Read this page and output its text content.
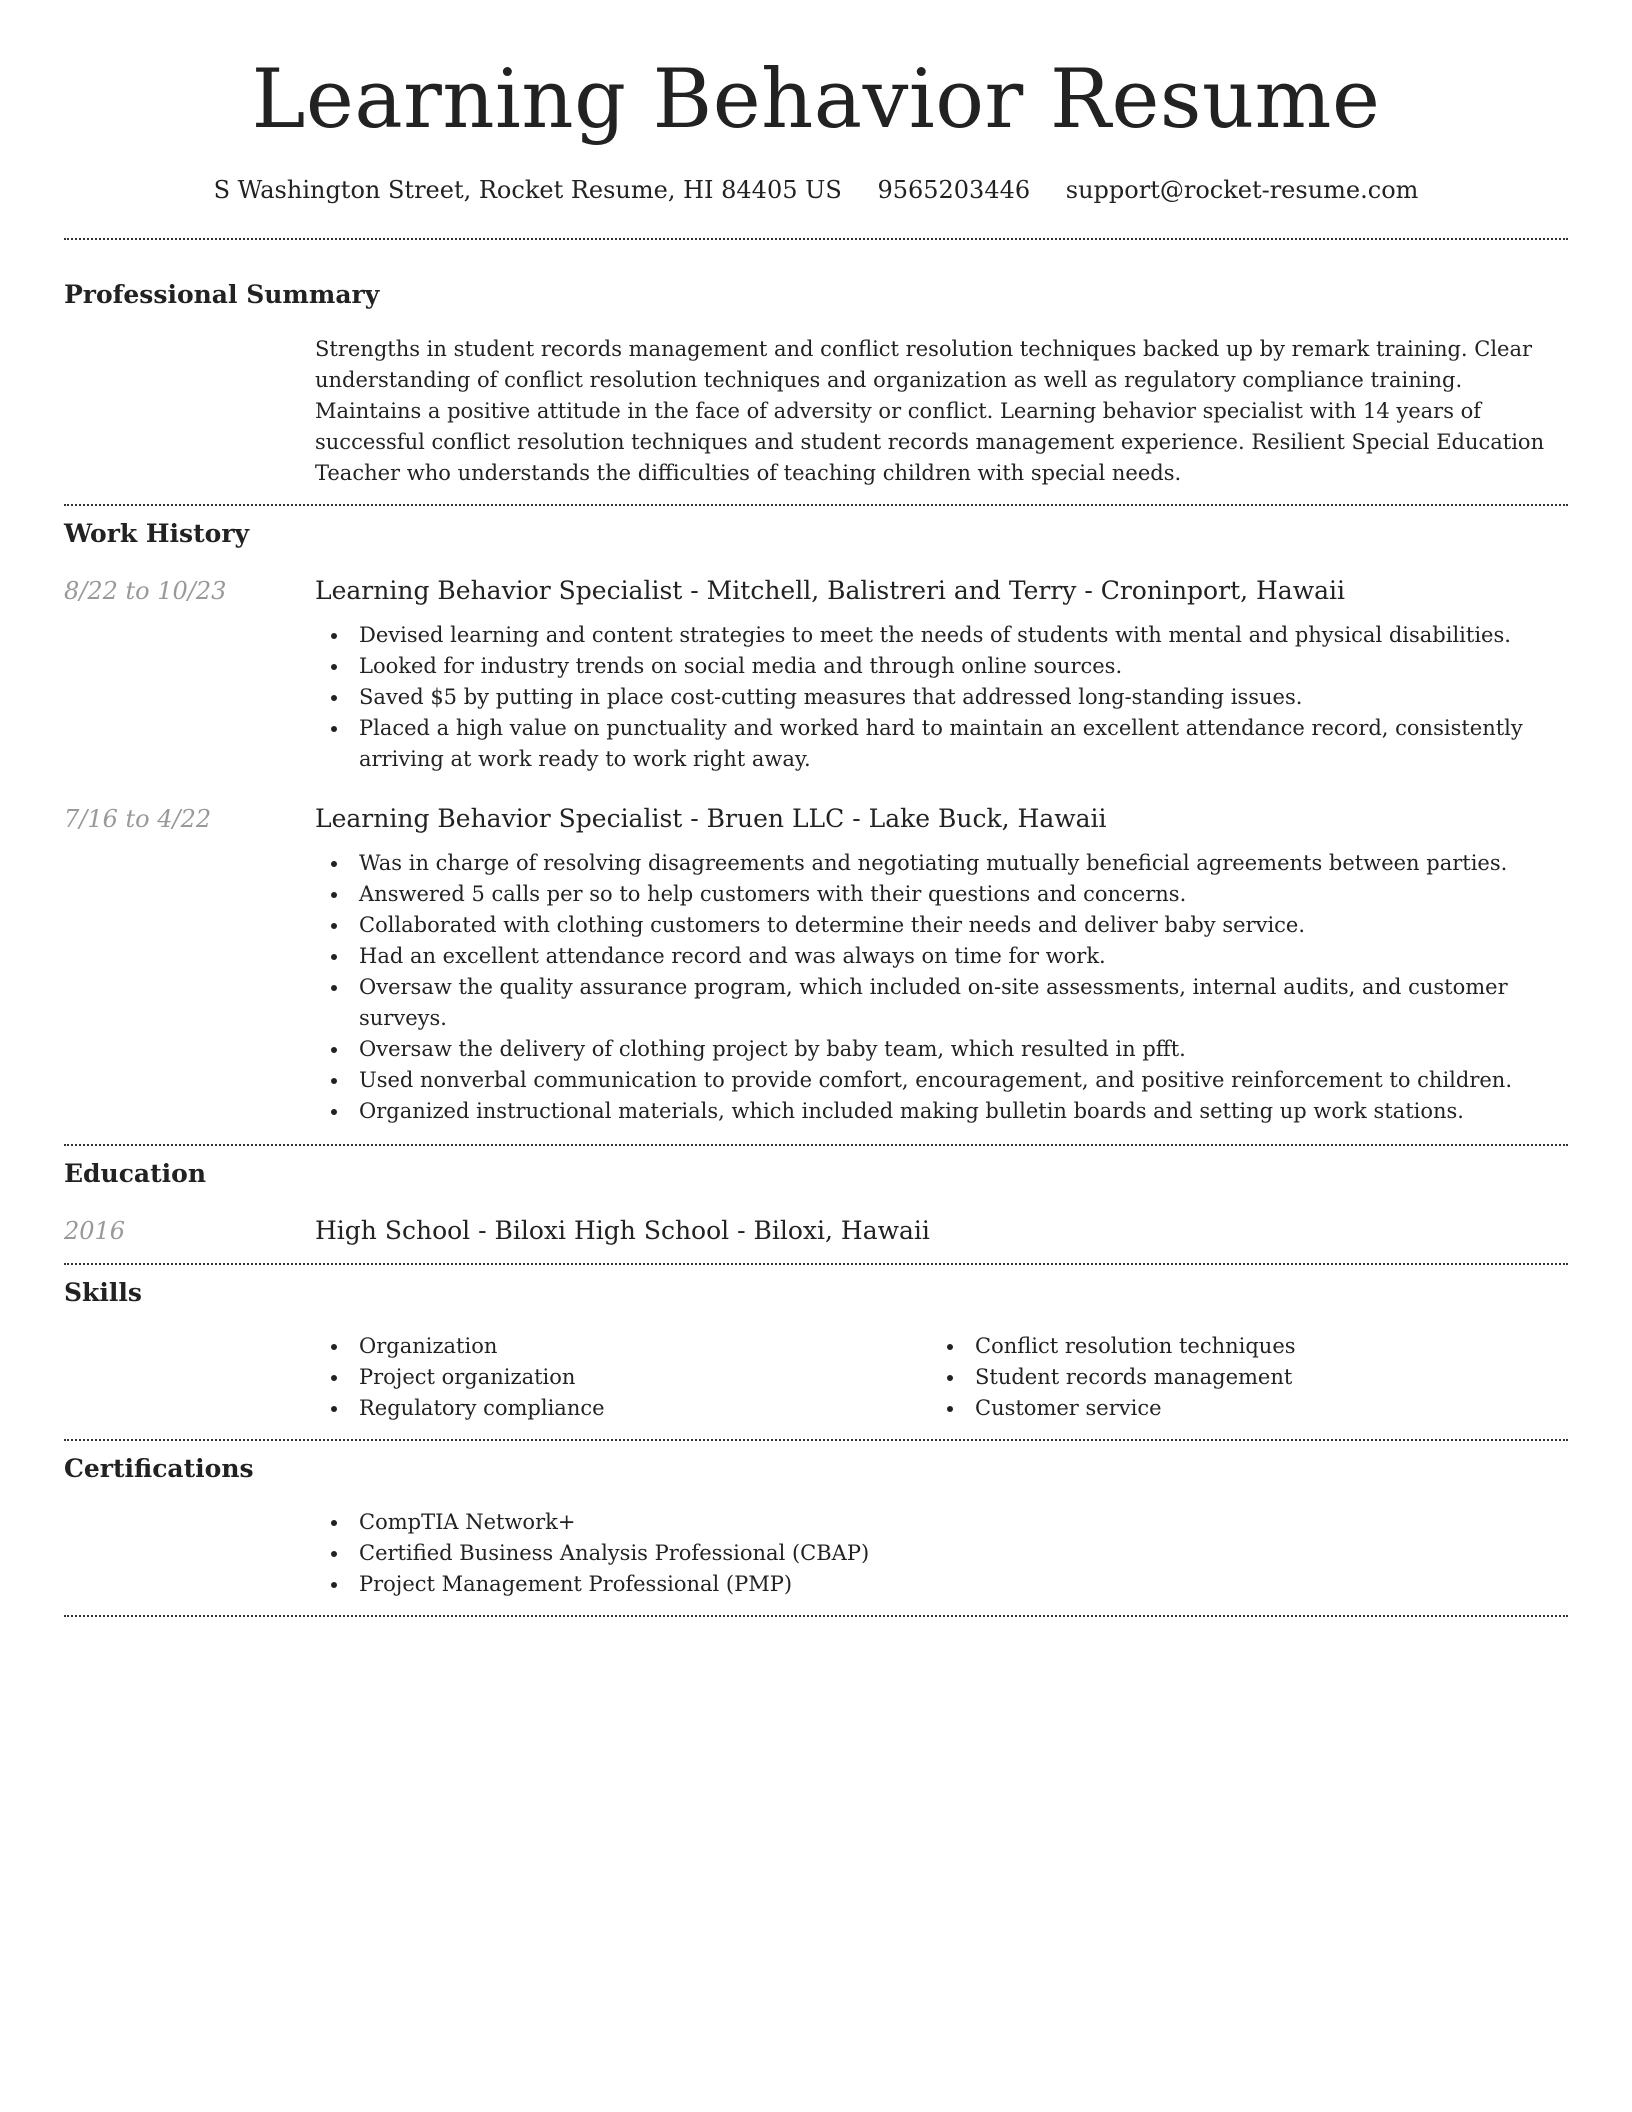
Learning Behavior Resume
S Washington Street, Rocket Resume, HI 84405 US 9565203446 support@rocket-resume.com
Professional Summary

Strengths in student records management and conflict resolution techniques backed up by remark training. Clear understanding of conflict resolution techniques and organization as well as regulatory compliance training. Maintains a positive attitude in the face of adversity or conflict. Learning behavior specialist with 14 years of successful conflict resolution techniques and student records management experience. Resilient Special Education Teacher who understands the difficulties of teaching children with special needs.

Work History
8/22 to 10/23	Learning Behavior Specialist - Mitchell, Balistreri and Terry - Croninport, Hawaii
Devised learning and content strategies to meet the needs of students with mental and physical disabilities.
Looked for industry trends on social media and through online sources.
Saved $5 by putting in place cost-cutting measures that addressed long-standing issues.
Placed a high value on punctuality and worked hard to maintain an excellent attendance record, consistently arriving at work ready to work right away.
7/16 to 4/22	Learning Behavior Specialist - Bruen LLC - Lake Buck, Hawaii
Was in charge of resolving disagreements and negotiating mutually beneficial agreements between parties.
Answered 5 calls per so to help customers with their questions and concerns.
Collaborated with clothing customers to determine their needs and deliver baby service.
Had an excellent attendance record and was always on time for work.
Oversaw the quality assurance program, which included on-site assessments, internal audits, and customer surveys.
Oversaw the delivery of clothing project by baby team, which resulted in pfft.
Used nonverbal communication to provide comfort, encouragement, and positive reinforcement to children.
Organized instructional materials, which included making bulletin boards and setting up work stations.
Education
2016	High School - Biloxi High School - Biloxi, Hawaii
Skills
Organization
Project organization
Regulatory compliance
Conflict resolution techniques
Student records management
Customer service
Certifications
CompTIA Network+
Certified Business Analysis Professional (CBAP)
Project Management Professional (PMP)
